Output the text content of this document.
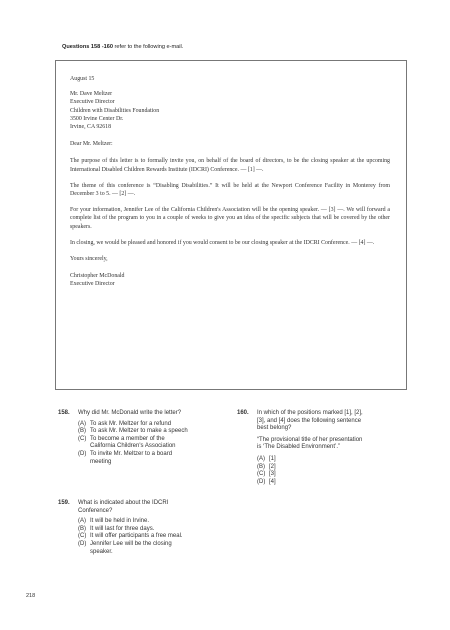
Questions 158 -160 refer to the following e-mail.

August 15

Mr. Dave Meltzer

Executive Director

Children with Disabilities Foundation

3500 Irvine Center Dr.

Irvine, CA 92618

Dear Mr. Meltzer:

The purpose of this letter is to formally invite you, on behalf of the board of directors, to be the closing speaker at the upcoming International Disabled Children Rewards Institute (IDCRI) Conference. — [1] —.

The theme of this conference is “Disabling Disabilities.” It will be held at the Newport Conference Facility in Monterey from December 3 to 5. — [2] —.

For your information, Jennifer Lee of the California Children's Association will be the opening speaker. — [3] —. We will forward a complete list of the program to you in a couple of weeks to give you an idea of the specific subjects that will be covered by the other speakers.

In closing, we would be pleased and honored if you would consent to be our closing speaker at the IDCRI Conference. — [4] —.

Yours sincerely,

Christopher McDonald

Executive Director

158. Why did Mr. McDonald write the letter?
(A) To ask Mr. Meltzer for a refund
(B) To ask Mr. Meltzer to make a speech
(C) To become a member of the
California Children's Association
(D) To invite Mr. Meltzer to a board
meeting
159. What is indicated about the IDCRI
Conference?
(A) It will be held in Irvine.
(B) It will last for three days.
(C) It will offer participants a free meal.
(D) Jennifer Lee will be the closing
speaker.
160. In which of the positions marked [1], [2],
[3], and [4] does the following sentence
best belong?
“The provisional title of her presentation
is ‘The Disabled Environment’.”
(A) [1]
(B) [2]
(C) [3]
(D) [4]
218
